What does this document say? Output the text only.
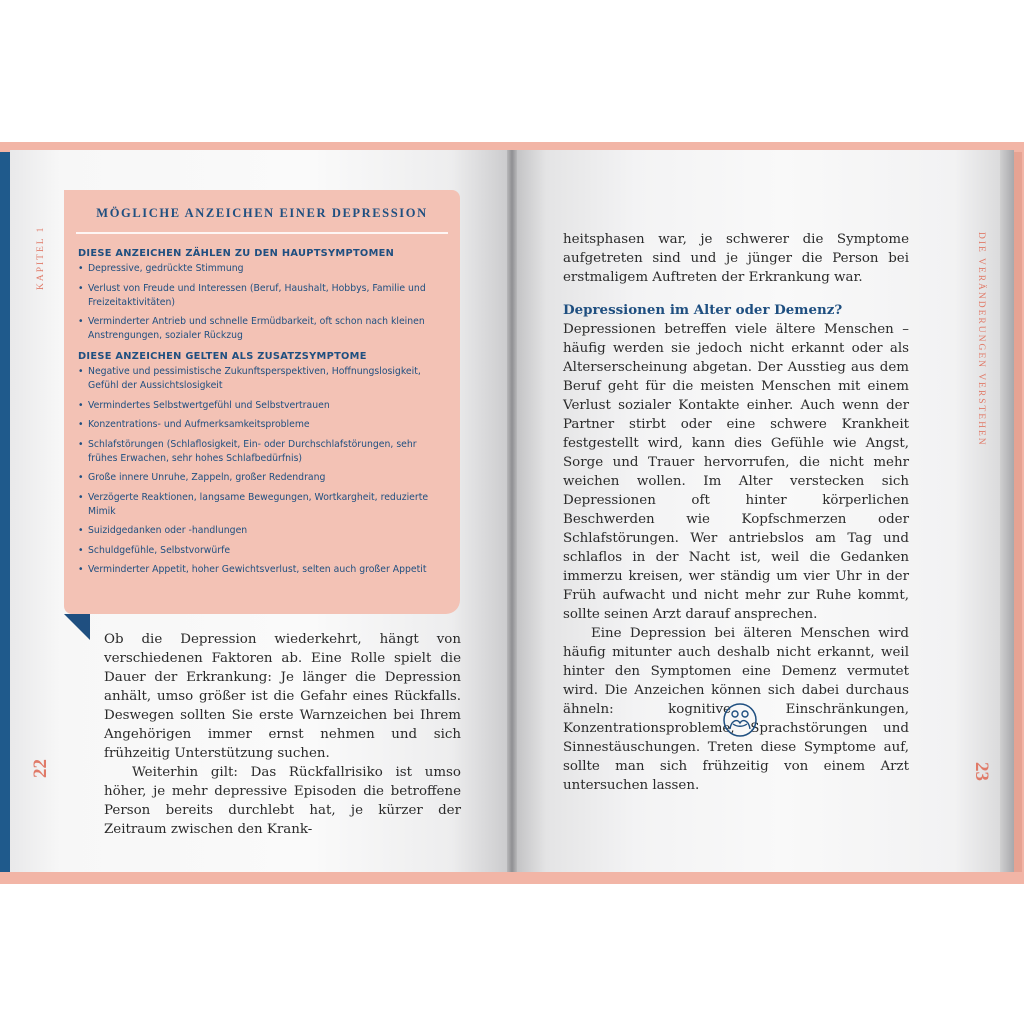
KAPITEL 1
22
MÖGLICHE ANZEICHEN EINER DEPRESSION
DIESE ANZEICHEN ZÄHLEN ZU DEN HAUPTSYMPTOMEN
• Depressive, gedrückte Stimmung
• Verlust von Freude und Interessen (Beruf, Haushalt, Hobbys, Familie und Freizeitaktivitäten)
• Verminderter Antrieb und schnelle Ermüdbarkeit, oft schon nach kleinen Anstrengungen, sozialer Rückzug
DIESE ANZEICHEN GELTEN ALS ZUSATZSYMPTOME
• Negative und pessimistische Zukunftsperspektiven, Hoffnungslosigkeit, Gefühl der Aussichtslosigkeit
• Vermindertes Selbstwertgefühl und Selbstvertrauen
• Konzentrations- und Aufmerksamkeitsprobleme
• Schlafstörungen (Schlaflosigkeit, Ein- oder Durchschlafstörungen, sehr frühes Erwachen, sehr hohes Schlafbedürfnis)
• Große innere Unruhe, Zappeln, großer Redendrang
• Verzögerte Reaktionen, langsame Bewegungen, Wortkargheit, reduzierte Mimik
• Suizidgedanken oder -handlungen
• Schuldgefühle, Selbstvorwürfe
• Verminderter Appetit, hoher Gewichtsverlust, selten auch großer Appetit

Ob die Depression wiederkehrt, hängt von verschiedenen Faktoren ab. Eine Rolle spielt die Dauer der Erkrankung: Je länger die Depression anhält, umso größer ist die Gefahr eines Rückfalls. Deswegen sollten Sie erste Warnzeichen bei Ihrem Angehörigen immer ernst nehmen und sich frühzeitig Unterstützung suchen.

Weiterhin gilt: Das Rückfallrisiko ist umso höher, je mehr depressive Episoden die betroffene Person bereits durchlebt hat, je kürzer der Zeitraum zwischen den Krank-

DIE VERÄNDERUNGEN VERSTEHEN
23

heitsphasen war, je schwerer die Symptome aufgetreten sind und je jünger die Person bei erstmaligem Auftreten der Erkrankung war.

Depressionen im Alter oder Demenz?

Depressionen betreffen viele ältere Menschen – häufig werden sie jedoch nicht erkannt oder als Alterserscheinung abgetan. Der Ausstieg aus dem Beruf geht für die meisten Menschen mit einem Verlust sozialer Kontakte einher. Auch wenn der Partner stirbt oder eine schwere Krankheit festgestellt wird, kann dies Gefühle wie Angst, Sorge und Trauer hervorrufen, die nicht mehr weichen wollen. Im Alter verstecken sich Depressionen oft hinter körperlichen Beschwerden wie Kopfschmerzen oder Schlafstörungen. Wer antriebslos am Tag und schlaflos in der Nacht ist, weil die Gedanken immerzu kreisen, wer ständig um vier Uhr in der Früh aufwacht und nicht mehr zur Ruhe kommt, sollte seinen Arzt darauf ansprechen.

Eine Depression bei älteren Menschen wird häufig mitunter auch deshalb nicht erkannt, weil hinter den Symptomen eine Demenz vermutet wird. Die Anzeichen können sich dabei durchaus ähneln: kognitive Einschränkungen, Konzentrationsprobleme, Sprachstörungen und Sinnestäuschungen. Treten diese Symptome auf, sollte man sich frühzeitig von einem Arzt untersuchen lassen.
